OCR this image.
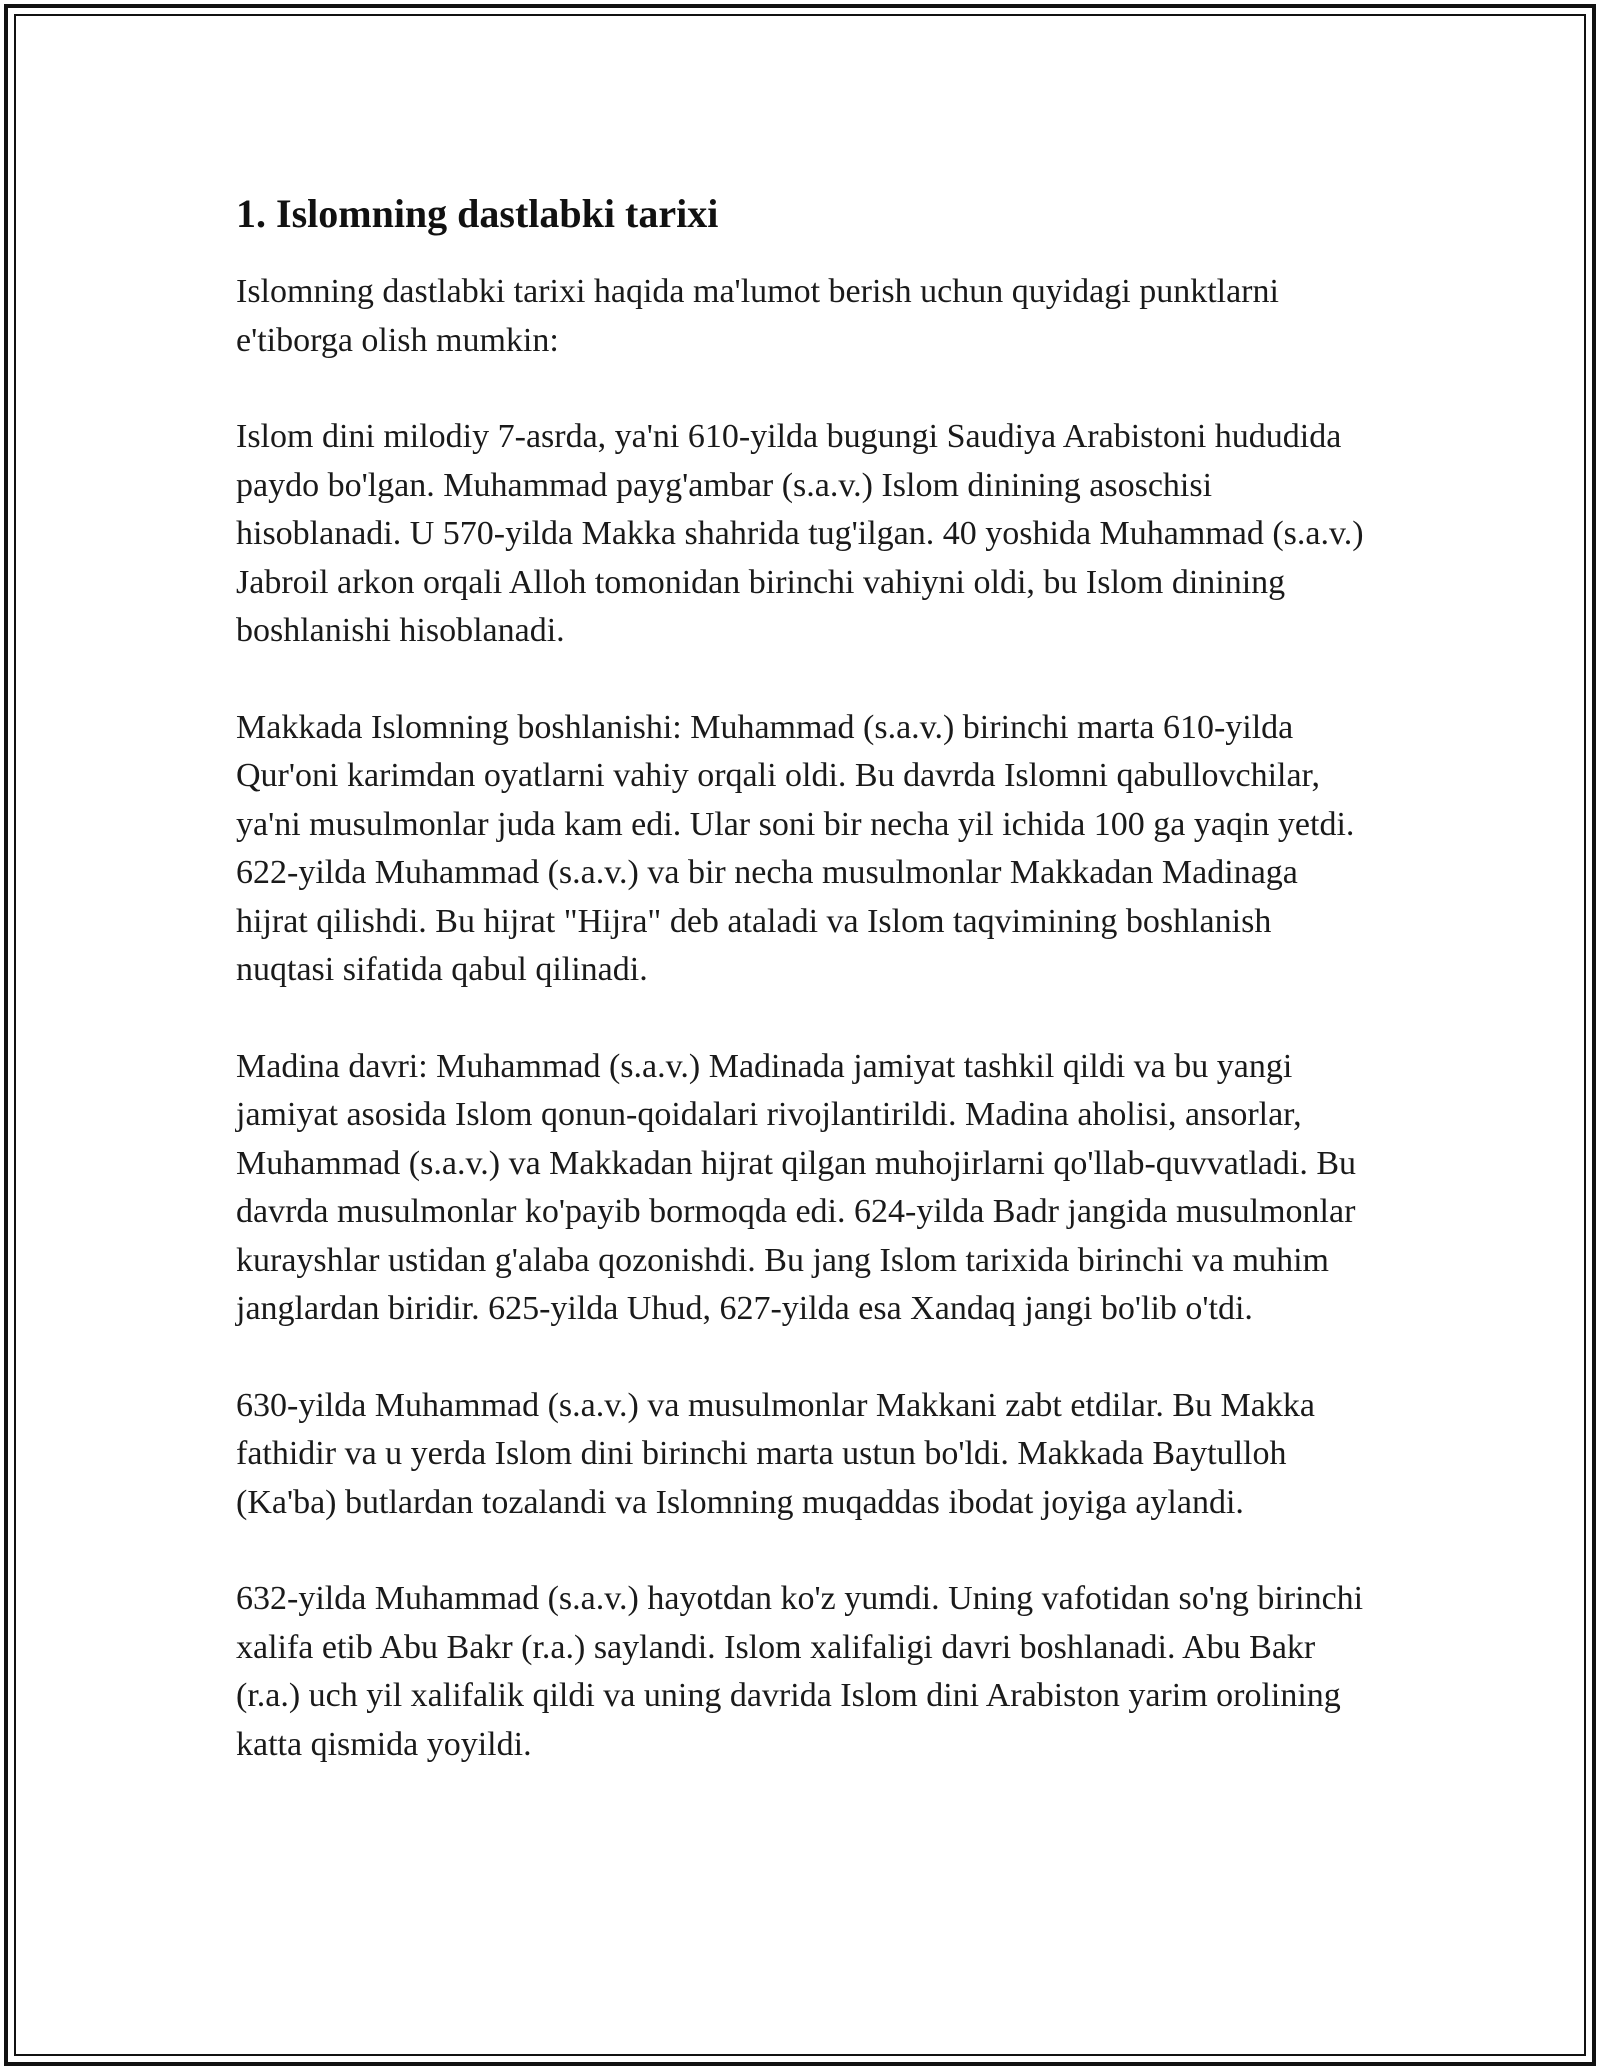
1. Islomning dastlabki tarixi

Islomning dastlabki tarixi haqida ma'lumot berish uchun quyidagi punktlarni e'tiborga olish mumkin:

Islom dini milodiy 7-asrda, ya'ni 610-yilda bugungi Saudiya Arabistoni hududida paydo bo'lgan. Muhammad payg'ambar (s.a.v.) Islom dinining asoschisi hisoblanadi. U 570-yilda Makka shahrida tug'ilgan. 40 yoshida Muhammad (s.a.v.) Jabroil arkon orqali Alloh tomonidan birinchi vahiyni oldi, bu Islom dinining boshlanishi hisoblanadi.

Makkada Islomning boshlanishi: Muhammad (s.a.v.) birinchi marta 610-yilda Qur'oni karimdan oyatlarni vahiy orqali oldi. Bu davrda Islomni qabullovchilar, ya'ni musulmonlar juda kam edi. Ular soni bir necha yil ichida 100 ga yaqin yetdi. 622-yilda Muhammad (s.a.v.) va bir necha musulmonlar Makkadan Madinaga hijrat qilishdi. Bu hijrat "Hijra" deb ataladi va Islom taqvimining boshlanish nuqtasi sifatida qabul qilinadi.

Madina davri: Muhammad (s.a.v.) Madinada jamiyat tashkil qildi va bu yangi jamiyat asosida Islom qonun-qoidalari rivojlantirildi. Madina aholisi, ansorlar, Muhammad (s.a.v.) va Makkadan hijrat qilgan muhojirlarni qo'llab-quvvatladi. Bu davrda musulmonlar ko'payib bormoqda edi. 624-yilda Badr jangida musulmonlar kurayshlar ustidan g'alaba qozonishdi. Bu jang Islom tarixida birinchi va muhim janglardan biridir. 625-yilda Uhud, 627-yilda esa Xandaq jangi bo'lib o'tdi.

630-yilda Muhammad (s.a.v.) va musulmonlar Makkani zabt etdilar. Bu Makka fathidir va u yerda Islom dini birinchi marta ustun bo'ldi. Makkada Baytulloh (Ka'ba) butlardan tozalandi va Islomning muqaddas ibodat joyiga aylandi.

632-yilda Muhammad (s.a.v.) hayotdan ko'z yumdi. Uning vafotidan so'ng birinchi xalifa etib Abu Bakr (r.a.) saylandi. Islom xalifaligi davri boshlanadi. Abu Bakr (r.a.) uch yil xalifalik qildi va uning davrida Islom dini Arabiston yarim orolining katta qismida yoyildi.
